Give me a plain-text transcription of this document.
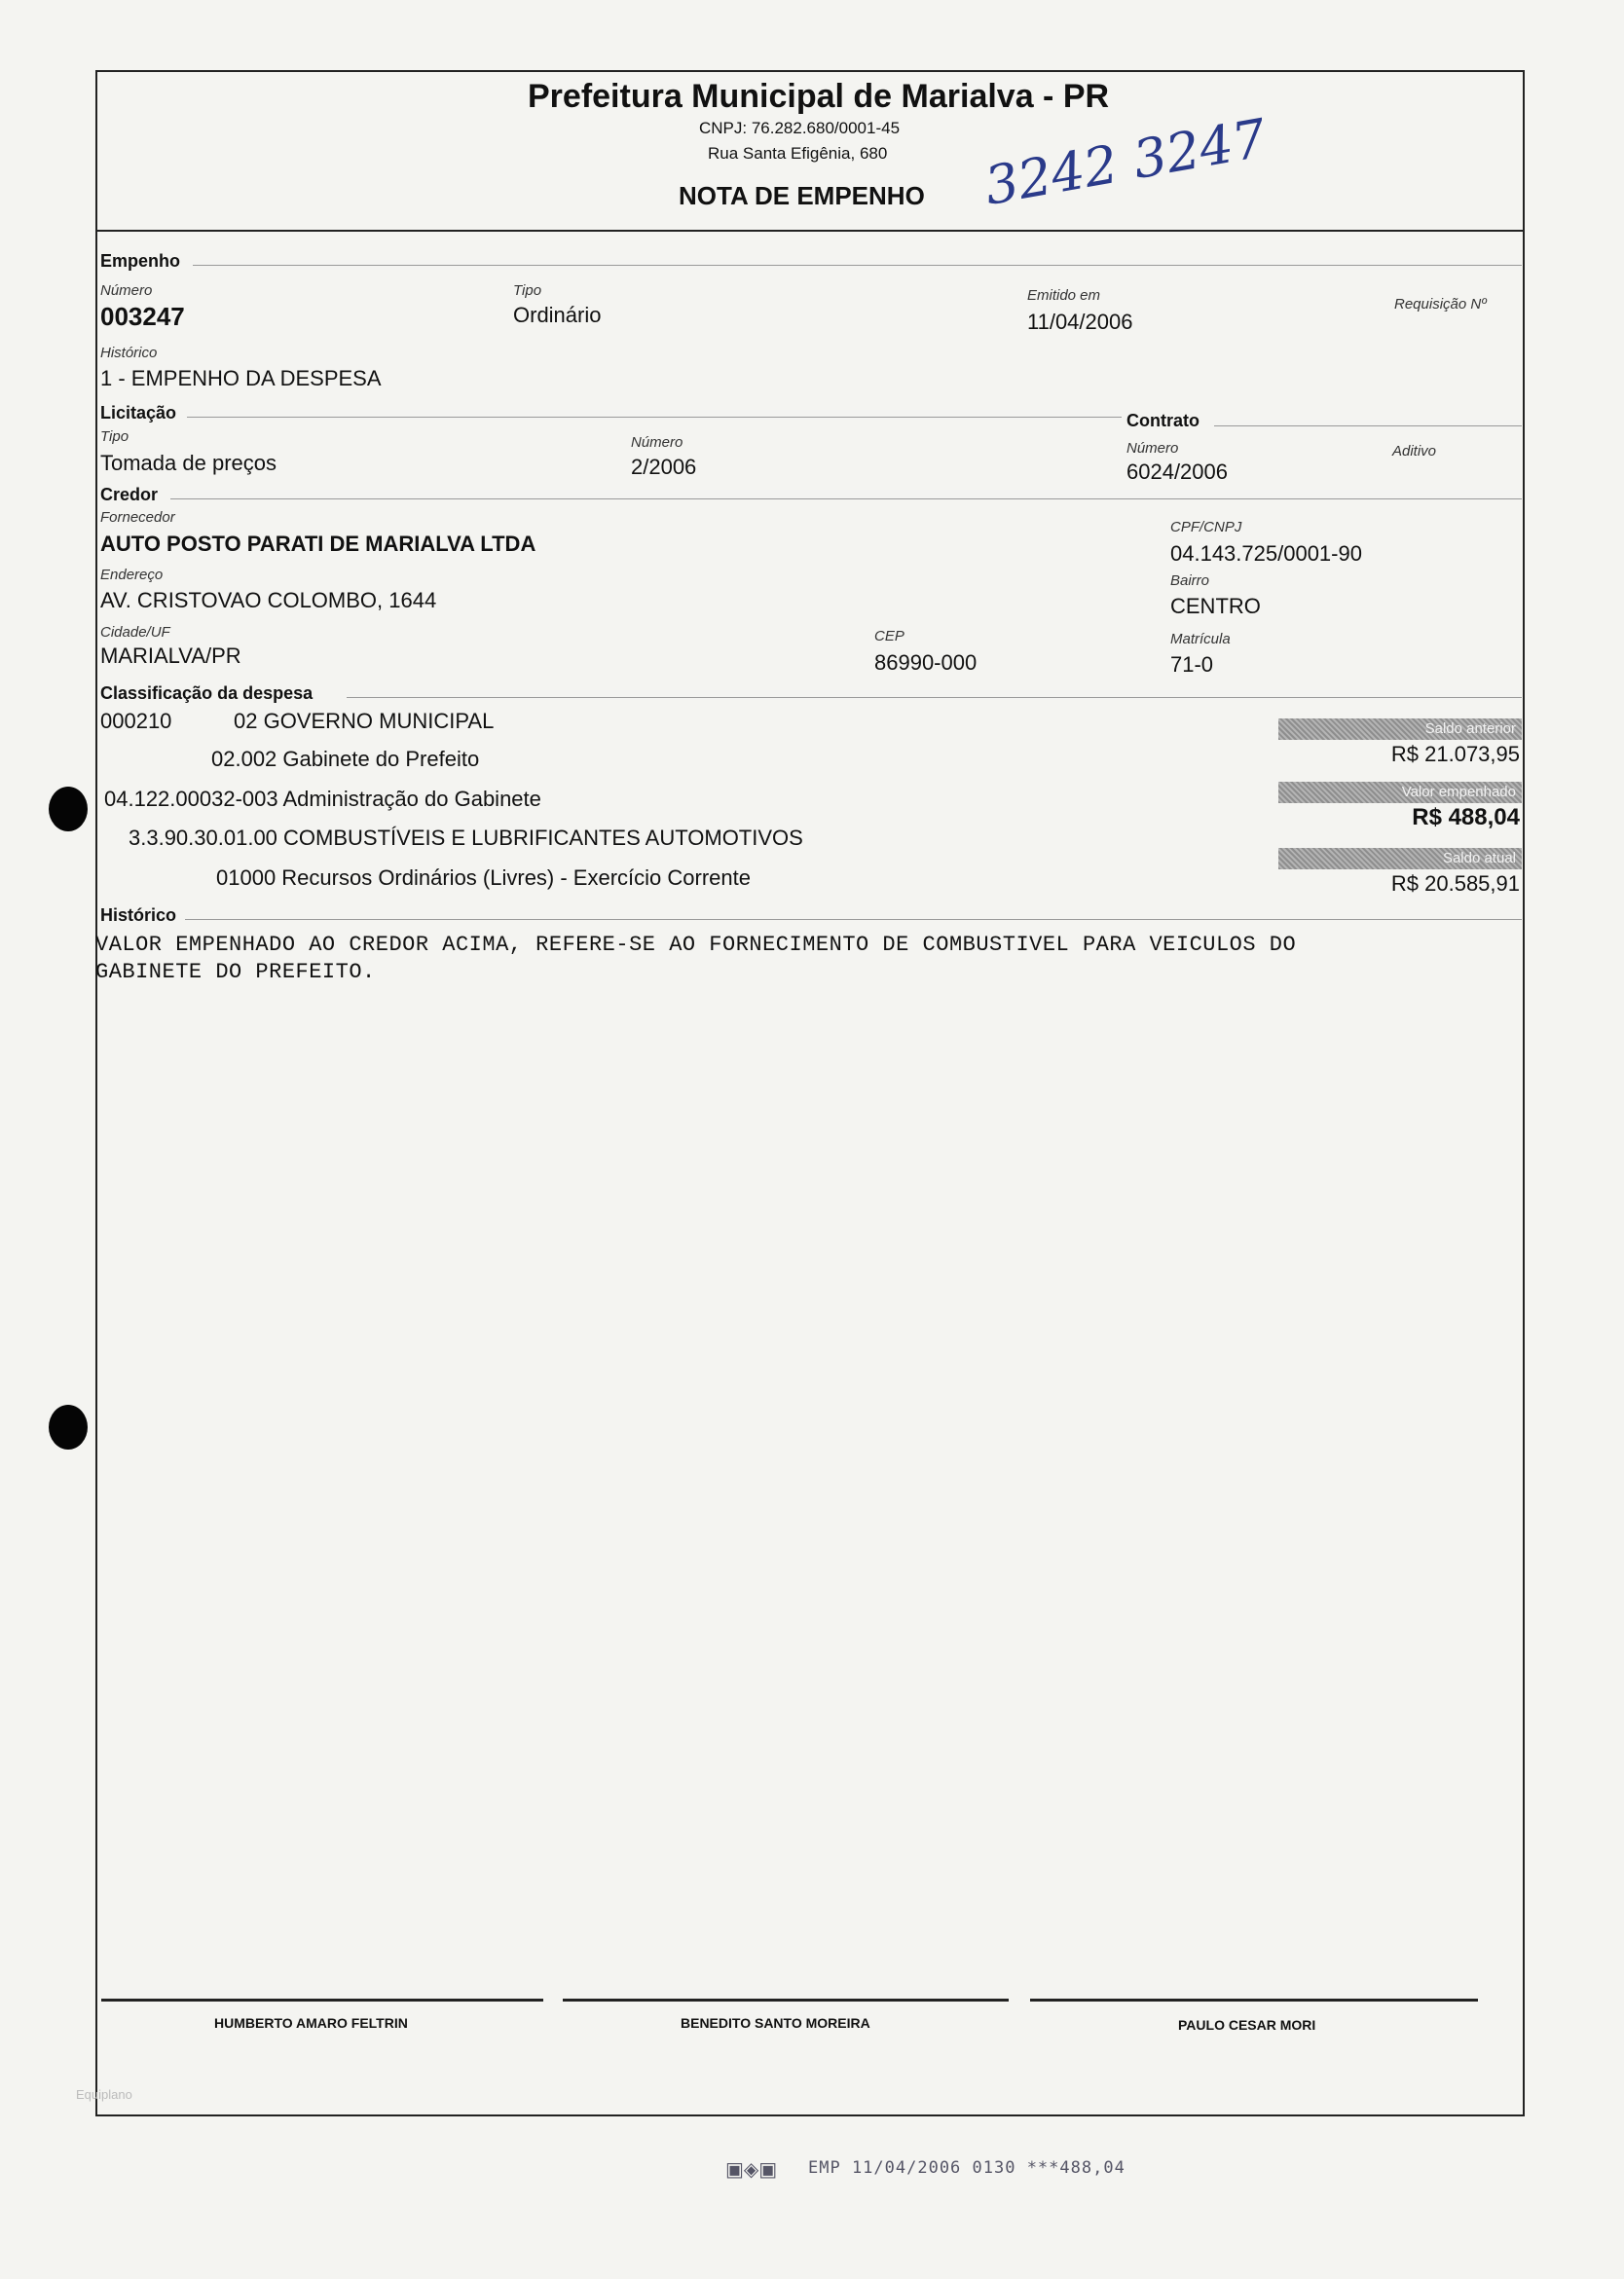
Prefeitura Municipal de Marialva - PR
CNPJ: 76.282.680/0001-45
Rua Santa Efigênia, 680
NOTA DE EMPENHO 3242 3247
Empenho
Número
003247
Tipo
Ordinário
Emitido em
11/04/2006
Requisição Nº
Histórico
1 - EMPENHO DA DESPESA
Licitação	Contrato
Tipo
Tomada de preços
Número
2/2006
Número
6024/2006
Aditivo
Credor
Fornecedor
AUTO POSTO PARATI DE MARIALVA LTDA
CPF/CNPJ
04.143.725/0001-90
Endereço
AV. CRISTOVAO COLOMBO, 1644
Bairro
CENTRO
Cidade/UF
MARIALVA/PR
CEP
86990-000
Matrícula
71-0
Classificação da despesa
000210	02 GOVERNO MUNICIPAL
02.002 Gabinete do Prefeito
04.122.00032-003 Administração do Gabinete
3.3.90.30.01.00 COMBUSTÍVEIS E LUBRIFICANTES AUTOMOTIVOS
01000 Recursos Ordinários (Livres) - Exercício Corrente
Saldo anterior
R$ 21.073,95
Valor empenhado
R$ 488,04
Saldo atual
R$ 20.585,91
Histórico
VALOR EMPENHADO AO CREDOR ACIMA, REFERE-SE AO FORNECIMENTO DE COMBUSTIVEL PARA VEICULOS DO
GABINETE DO PREFEITO.
HUMBERTO AMARO FELTRIN	BENEDITO SANTO MOREIRA	PAULO CESAR MORI
Equiplano
▣◈▣ EMP 11/04/2006 0130 ***488,04
